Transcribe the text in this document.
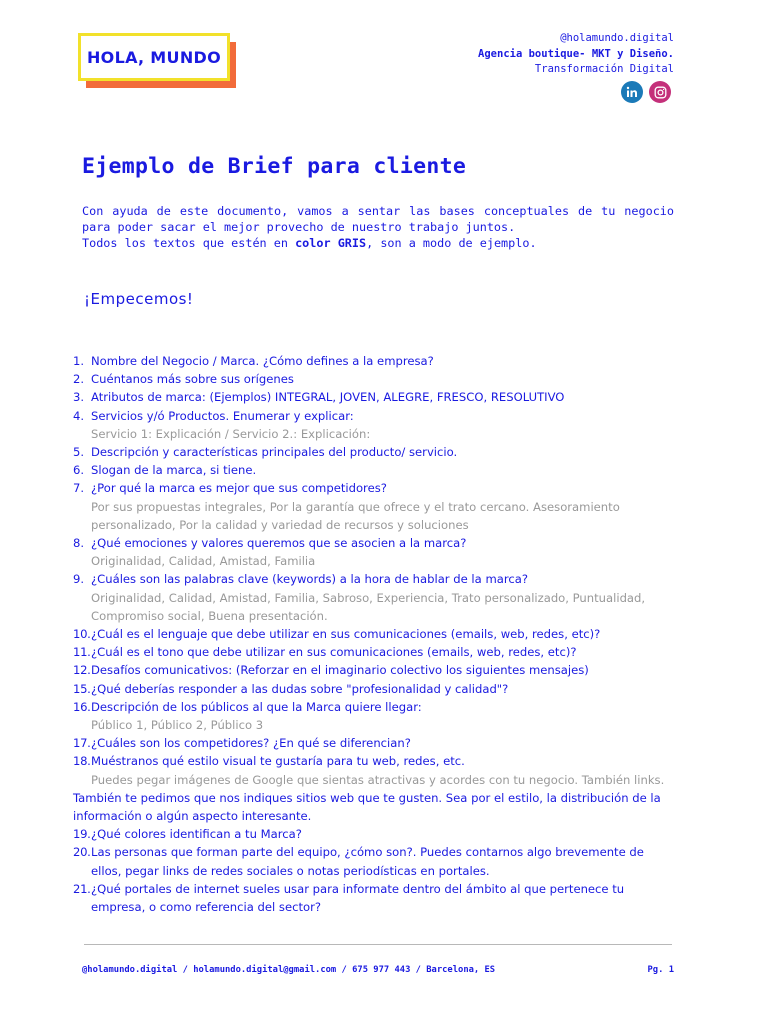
HOLA, MUNDO
@holamundo.digital
Agencia boutique- MKT y Diseño.
Transformación Digital
Ejemplo de Brief para cliente

Con ayuda de este documento, vamos a sentar las bases conceptuales de tu negocio para poder sacar el mejor provecho de nuestro trabajo juntos.
Todos los textos que estén en color GRIS, son a modo de ejemplo.

¡Empecemos!
1. Nombre del Negocio / Marca. ¿Cómo defines a la empresa?
2. Cuéntanos más sobre sus orígenes
3. Atributos de marca: (Ejemplos) INTEGRAL, JOVEN, ALEGRE, FRESCO, RESOLUTIVO
4. Servicios y/ó Productos. Enumerar y explicar:
Servicio 1: Explicación / Servicio 2.: Explicación:
5. Descripción y características principales del producto/ servicio.
6. Slogan de la marca, si tiene.
7. ¿Por qué la marca es mejor que sus competidores?
Por sus propuestas integrales, Por la garantía que ofrece y el trato cercano. Asesoramiento personalizado, Por la calidad y variedad de recursos y soluciones
8. ¿Qué emociones y valores queremos que se asocien a la marca?
Originalidad, Calidad, Amistad, Familia
9. ¿Cuáles son las palabras clave (keywords) a la hora de hablar de la marca?
Originalidad, Calidad, Amistad, Familia, Sabroso, Experiencia, Trato personalizado, Puntualidad, Compromiso social, Buena presentación.
10. ¿Cuál es el lenguaje que debe utilizar en sus comunicaciones (emails, web, redes, etc)?
11. ¿Cuál es el tono que debe utilizar en sus comunicaciones (emails, web, redes, etc)?
12. Desafíos comunicativos: (Reforzar en el imaginario colectivo los siguientes mensajes)
15. ¿Qué deberías responder a las dudas sobre "profesionalidad y calidad"?
16. Descripción de los públicos al que la Marca quiere llegar:
Público 1, Público 2, Público 3
17. ¿Cuáles son los competidores? ¿En qué se diferencian?
18. Muéstranos qué estilo visual te gustaría para tu web, redes, etc.
Puedes pegar imágenes de Google que sientas atractivas y acordes con tu negocio. También links.
También te pedimos que nos indiques sitios web que te gusten. Sea por el estilo, la distribución de la información o algún aspecto interesante.
19. ¿Qué colores identifican a tu Marca?
20. Las personas que forman parte del equipo, ¿cómo son?. Puedes contarnos algo brevemente de ellos, pegar links de redes sociales o notas periodísticas en portales.
21. ¿Qué portales de internet sueles usar para informate dentro del ámbito al que pertenece tu empresa, o como referencia del sector?
@holamundo.digital / holamundo.digital@gmail.com / 675 977 443 / Barcelona, ES	Pg. 1
